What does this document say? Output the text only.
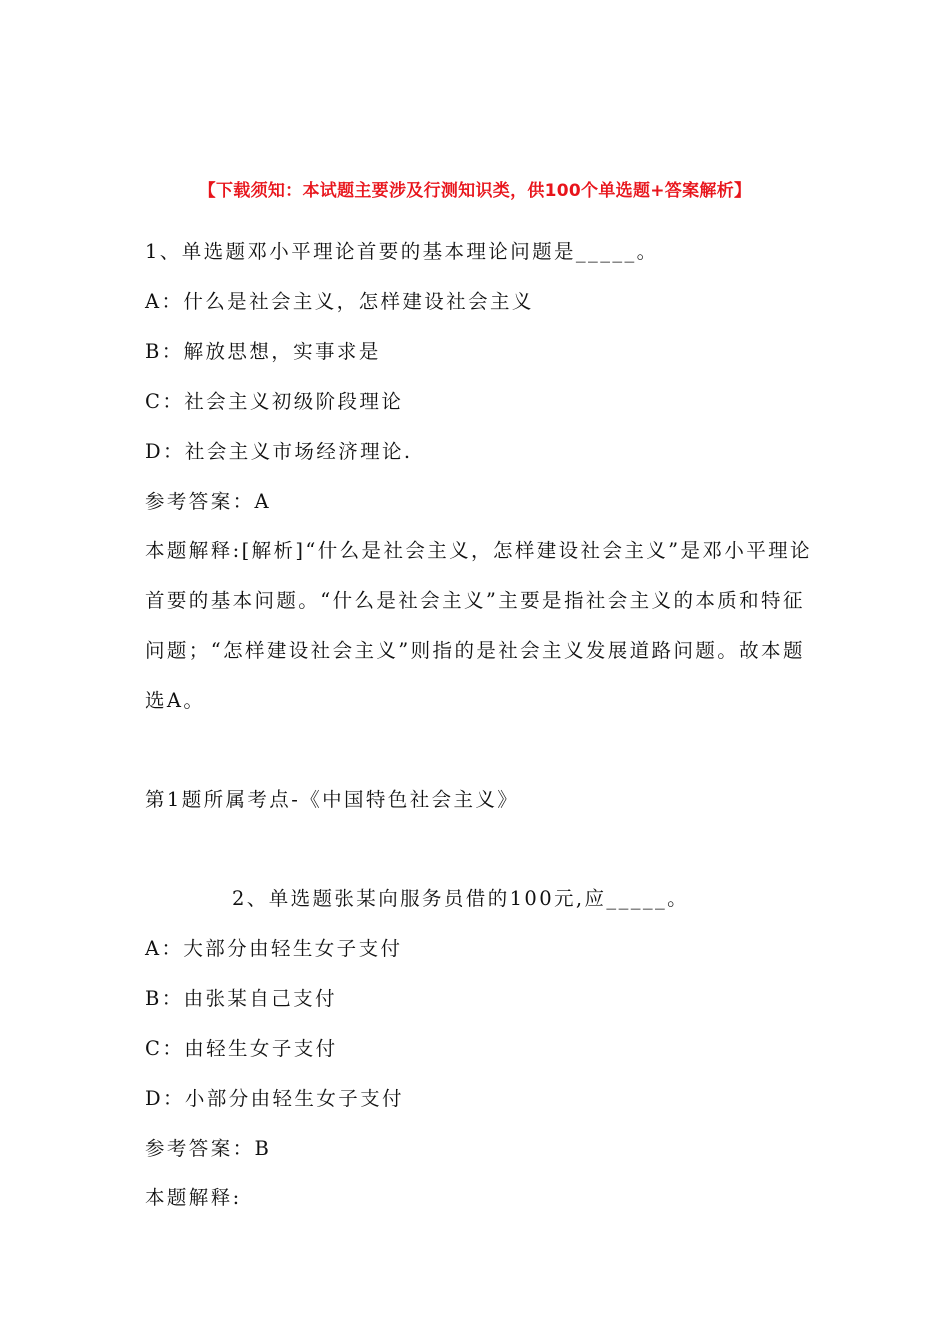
【下载须知：本试题主要涉及行测知识类，供100个单选题+答案解析】
1、单选题邓小平理论首要的基本理论问题是_____。
A：什么是社会主义，怎样建设社会主义
B：解放思想，实事求是
C：社会主义初级阶段理论
D：社会主义市场经济理论.
参考答案：A
本题解释:[解析]“什么是社会主义，怎样建设社会主义”是邓小平理论首要的基本问题。“什么是社会主义”主要是指社会主义的本质和特征问题；“怎样建设社会主义”则指的是社会主义发展道路问题。故本题选A。
第1题所属考点-《中国特色社会主义》
2、单选题张某向服务员借的100元,应_____。
A：大部分由轻生女子支付
B：由张某自己支付
C：由轻生女子支付
D：小部分由轻生女子支付
参考答案：B
本题解释:
